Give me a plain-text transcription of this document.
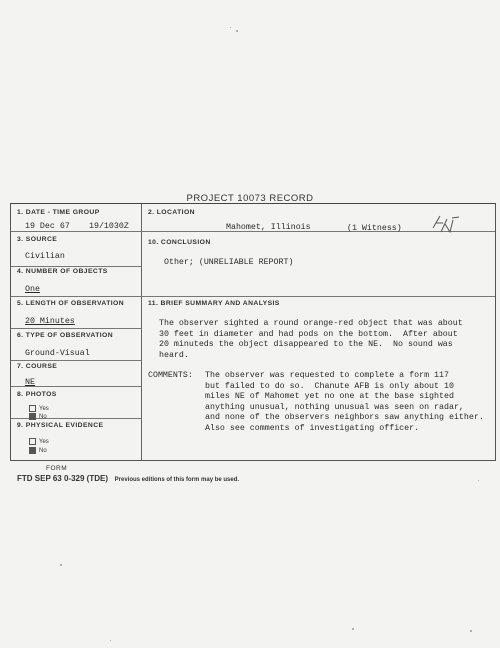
PROJECT 10073 RECORD
1. DATE - TIME GROUP
19 Dec 67 19/1030Z
2. LOCATION
Mahomet, Illinois	(1 Witness)
3. SOURCE
Civilian
4. NUMBER OF OBJECTS
One
5. LENGTH OF OBSERVATION
20 Minutes
6. TYPE OF OBSERVATION
Ground-Visual
7. COURSE
NE
8. PHOTOS
Yes
No
9. PHYSICAL EVIDENCE
Yes
No
10. CONCLUSION
Other; (UNRELIABLE REPORT)
11. BRIEF SUMMARY AND ANALYSIS
The observer sighted a round orange-red object that was about
30 feet in diameter and had pods on the bottom.  After about
20 minuteds the object disappeared to the NE.  No sound was
heard.
COMMENTS: The observer was requested to complete a form 117
but failed to do so.  Chanute AFB is only about 10
miles NE of Mahomet yet no one at the base sighted
anything unusual, nothing unusual was seen on radar,
and none of the observers neighbors saw anything either.
Also see comments of investigating officer.
FORM
FTD SEP 63 0-329 (TDE) Previous editions of this form may be used.
